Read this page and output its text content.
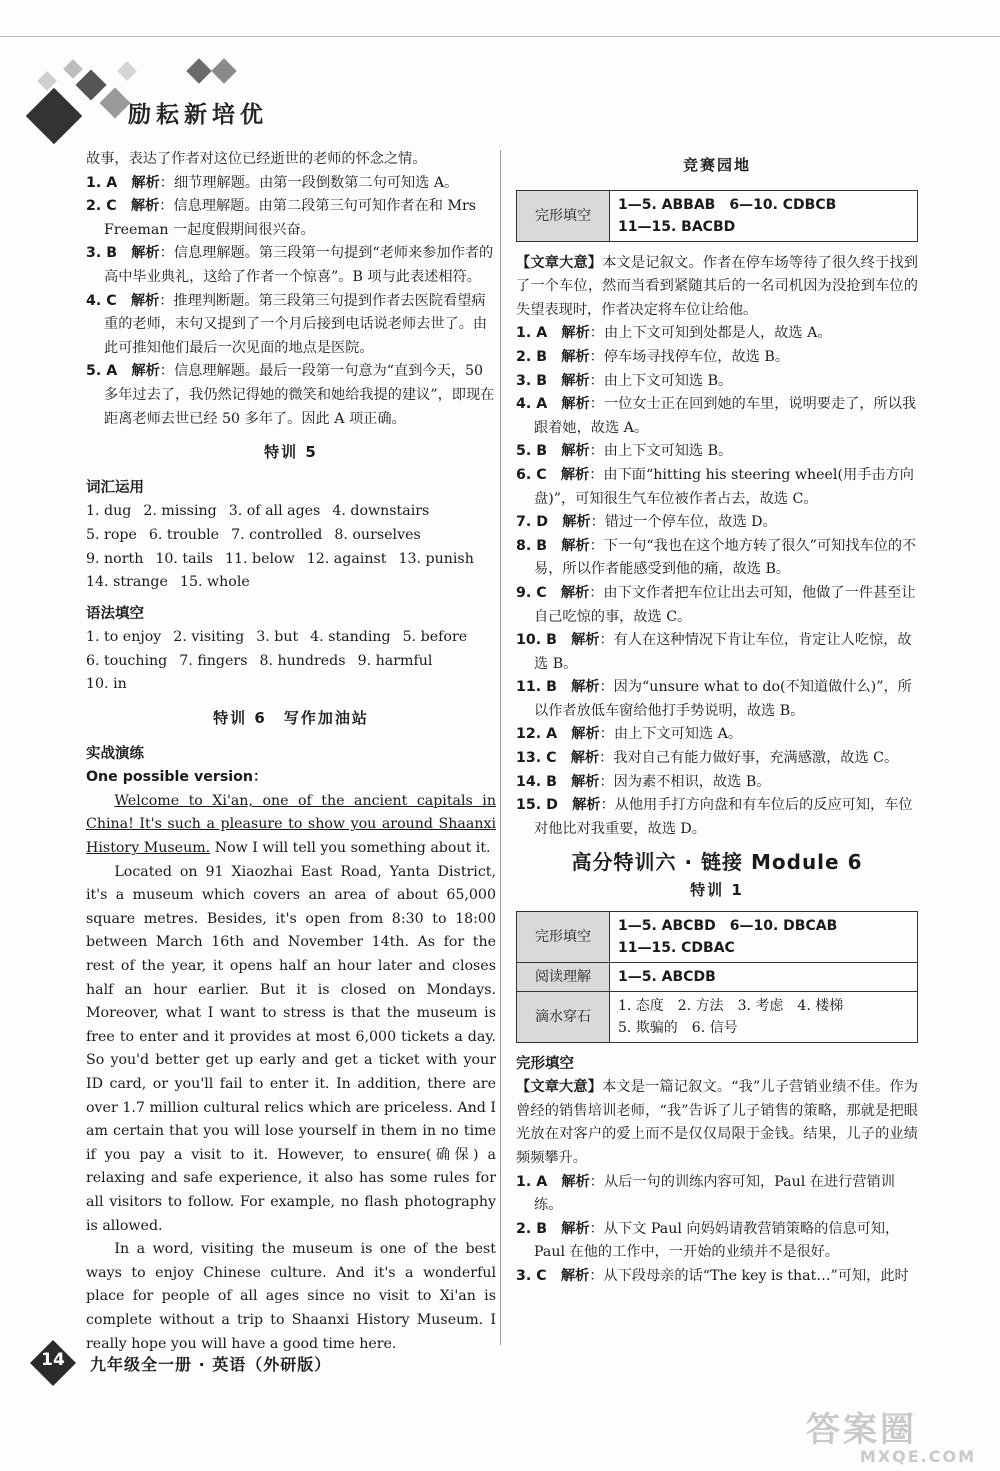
励耘新培优

故事，表达了作者对这位已经逝世的老师的怀念之情。

1. A　 解析：细节理解题。由第一段倒数第二句可知选 A。

2. C　 解析：信息理解题。由第二段第三句可知作者在和 Mrs Freeman 一起度假期间很兴奋。

3. B　 解析：信息理解题。第三段第一句提到“老师来参加作者的高中毕业典礼，这给了作者一个惊喜”。B 项与此表述相符。

4. C　 解析：推理判断题。第三段第三句提到作者去医院看望病重的老师，末句又提到了一个月后接到电话说老师去世了。由此可推知他们最后一次见面的地点是医院。

5. A　 解析：信息理解题。最后一段第一句意为“直到今天，50 多年过去了，我仍然记得她的微笑和她给我提的建议”，即现在距离老师去世已经 50 多年了。因此 A 项正确。

特训 5
词汇运用
1. dug 2. missing 3. of all ages 4. downstairs
5. rope 6. trouble 7. controlled 8. ourselves
9. north 10. tails 11. below 12. against 13. punish
14. strange 15. whole
语法填空
1. to enjoy 2. visiting 3. but 4. standing 5. before
6. touching 7. fingers 8. hundreds 9. harmful
10. in
特训 6　写作加油站
实战演练

One possible version：

Welcome to Xi'an, one of the ancient capitals in China! It's such a pleasure to show you around Shaanxi History Museum. Now I will tell you something about it.

Located on 91 Xiaozhai East Road, Yanta District, it's a museum which covers an area of about 65,000 square metres. Besides, it's open from 8:30 to 18:00 between March 16th and November 14th. As for the rest of the year, it opens half an hour later and closes half an hour earlier. But it is closed on Mondays. Moreover, what I want to stress is that the museum is free to enter and it provides at most 6,000 tickets a day. So you'd better get up early and get a ticket with your ID card, or you'll fail to enter it. In addition, there are over 1.7 million cultural relics which are priceless. And I am certain that you will lose yourself in them in no time if you pay a visit to it. However, to ensure(确保) a relaxing and safe experience, it also has some rules for all visitors to follow. For example, no flash photography is allowed.

In a word, visiting the museum is one of the best ways to enjoy Chinese culture. And it's a wonderful place for people of all ages since no visit to Xi'an is complete without a trip to Shaanxi History Museum. I really hope you will have a good time here.

竞赛园地
完形填空	
1—5. ABBAB　6—10. CDBCB
11—15. BACBD

【文章大意】本文是记叙文。作者在停车场等待了很久终于找到了一个车位，然而当看到紧随其后的一名司机因为没抢到车位的失望表现时，作者决定将车位让给他。

1. A　 解析：由上下文可知到处都是人，故选 A。

2. B　 解析：停车场寻找停车位，故选 B。

3. B　 解析：由上下文可知选 B。

4. A　 解析：一位女士正在回到她的车里，说明要走了，所以我跟着她，故选 A。

5. B　 解析：由上下文可知选 B。

6. C　 解析：由下面“hitting his steering wheel(用手击方向盘)”，可知很生气车位被作者占去，故选 C。

7. D　 解析：错过一个停车位，故选 D。

8. B　 解析：下一句“我也在这个地方转了很久”可知找车位的不易，所以作者能感受到他的痛，故选 B。

9. C　 解析：由下文作者把车位让出去可知，他做了一件甚至让自己吃惊的事，故选 C。

10. B　 解析：有人在这种情况下肯让车位，肯定让人吃惊，故选 B。

11. B　 解析：因为“unsure what to do(不知道做什么)”，所以作者放低车窗给他打手势说明，故选 B。

12. A　 解析：由上下文可知选 A。

13. C　 解析：我对自己有能力做好事，充满感激，故选 C。

14. B　 解析：因为素不相识，故选 B。

15. D　 解析：从他用手打方向盘和有车位后的反应可知，车位对他比对我重要，故选 D。

高分特训六 · 链接 Module 6
特训 1
完形填空	1—5. ABCBD　6—10. DBCAB
11—15. CDBAC

阅读理解	1—5. ABCDB

滴水穿石	1. 态度　2. 方法　3. 考虑　4. 楼梯
5. 欺骗的　6. 信号
完形填空

【文章大意】本文是一篇记叙文。“我”儿子营销业绩不佳。作为曾经的销售培训老师，“我”告诉了儿子销售的策略，那就是把眼光放在对客户的爱上而不是仅仅局限于金钱。结果，儿子的业绩频频攀升。

1. A　 解析：从后一句的训练内容可知，Paul 在进行营销训练。

2. B　 解析：从下文 Paul 向妈妈请教营销策略的信息可知，Paul 在他的工作中，一开始的业绩并不是很好。

3. C　 解析：从下段母亲的话“The key is that…”可知，此时

14	九年级全一册 · 英语（外研版）
答案圈
MXQE.COM
